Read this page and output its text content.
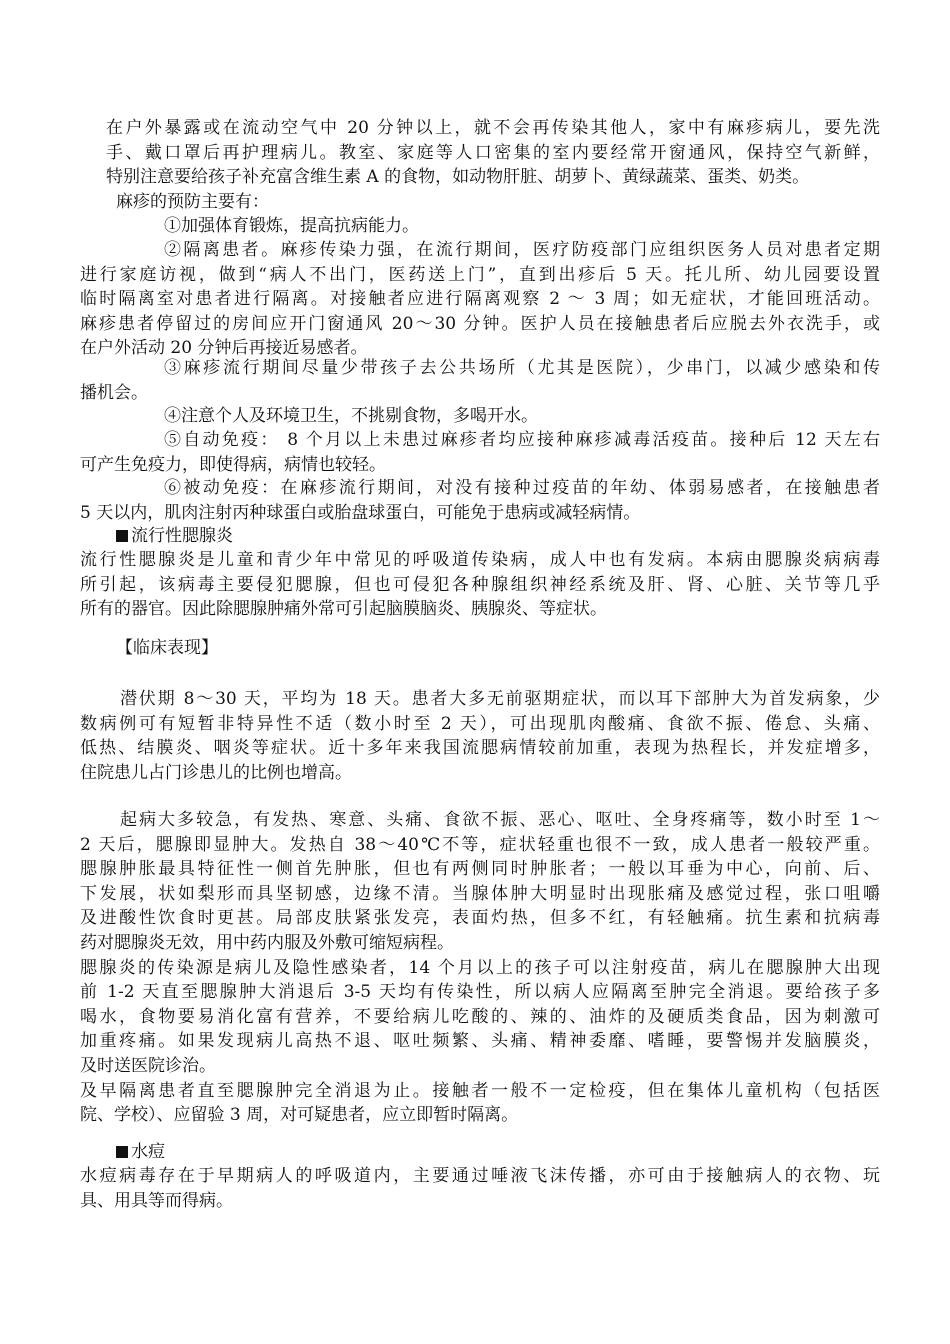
在户外暴露或在流动空气中 20 分钟以上，就不会再传染其他人，家中有麻疹病儿，要先洗
手、戴口罩后再护理病儿。教室、家庭等人口密集的室内要经常开窗通风，保持空气新鲜，
特别注意要给孩子补充富含维生素 A 的食物，如动物肝脏、胡萝卜、黄绿蔬菜、蛋类、奶类。
麻疹的预防主要有：
①加强体育锻炼，提高抗病能力。
②隔离患者。麻疹传染力强，在流行期间，医疗防疫部门应组织医务人员对患者定期
进行家庭访视，做到“病人不出门，医药送上门”，直到出疹后 5 天。托儿所、幼儿园要设置
临时隔离室对患者进行隔离。对接触者应进行隔离观察 2 ～ 3 周；如无症状，才能回班活动。
麻疹患者停留过的房间应开门窗通风 20～30 分钟。医护人员在接触患者后应脱去外衣洗手，或
在户外活动 20 分钟后再接近易感者。
③麻疹流行期间尽量少带孩子去公共场所（尤其是医院），少串门，以减少感染和传
播机会。
④注意个人及环境卫生，不挑剔食物，多喝开水。
⑤自动免疫： 8 个月以上未患过麻疹者均应接种麻疹减毒活疫苗。接种后 12 天左右
可产生免疫力，即使得病，病情也较轻。
⑥被动免疫：在麻疹流行期间，对没有接种过疫苗的年幼、体弱易感者，在接触患者
5 天以内，肌肉注射丙种球蛋白或胎盘球蛋白，可能免于患病或减轻病情。
流行性腮腺炎
流行性腮腺炎是儿童和青少年中常见的呼吸道传染病，成人中也有发病。本病由腮腺炎病病毒
所引起，该病毒主要侵犯腮腺，但也可侵犯各种腺组织神经系统及肝、肾、心脏、关节等几乎
所有的器官。因此除腮腺肿痛外常可引起脑膜脑炎、胰腺炎、等症状。
【临床表现】
潜伏期 8～30 天，平均为 18 天。患者大多无前驱期症状，而以耳下部肿大为首发病象，少
数病例可有短暂非特异性不适（数小时至 2 天），可出现肌肉酸痛、食欲不振、倦怠、头痛、
低热、结膜炎、咽炎等症状。近十多年来我国流腮病情较前加重，表现为热程长，并发症增多，
住院患儿占门诊患儿的比例也增高。
起病大多较急，有发热、寒意、头痛、食欲不振、恶心、呕吐、全身疼痛等，数小时至 1～
2 天后，腮腺即显肿大。发热自 38～40℃不等，症状轻重也很不一致，成人患者一般较严重。
腮腺肿胀最具特征性一侧首先肿胀，但也有两侧同时肿胀者；一般以耳垂为中心，向前、后、
下发展，状如梨形而具坚韧感，边缘不清。当腺体肿大明显时出现胀痛及感觉过程，张口咀嚼
及进酸性饮食时更甚。局部皮肤紧张发亮，表面灼热，但多不红，有轻触痛。抗生素和抗病毒
药对腮腺炎无效，用中药内服及外敷可缩短病程。
腮腺炎的传染源是病儿及隐性感染者，14 个月以上的孩子可以注射疫苗，病儿在腮腺肿大出现
前 1-2 天直至腮腺肿大消退后 3-5 天均有传染性，所以病人应隔离至肿完全消退。要给孩子多
喝水，食物要易消化富有营养，不要给病儿吃酸的、辣的、油炸的及硬质类食品，因为刺激可
加重疼痛。如果发现病儿高热不退、呕吐频繁、头痛、精神委靡、嗜睡，要警惕并发脑膜炎，
及时送医院诊治。
及早隔离患者直至腮腺肿完全消退为止。接触者一般不一定检疫，但在集体儿童机构（包括医
院、学校）、应留验 3 周，对可疑患者，应立即暂时隔离。
水痘
水痘病毒存在于早期病人的呼吸道内，主要通过唾液飞沫传播，亦可由于接触病人的衣物、玩
具、用具等而得病。
